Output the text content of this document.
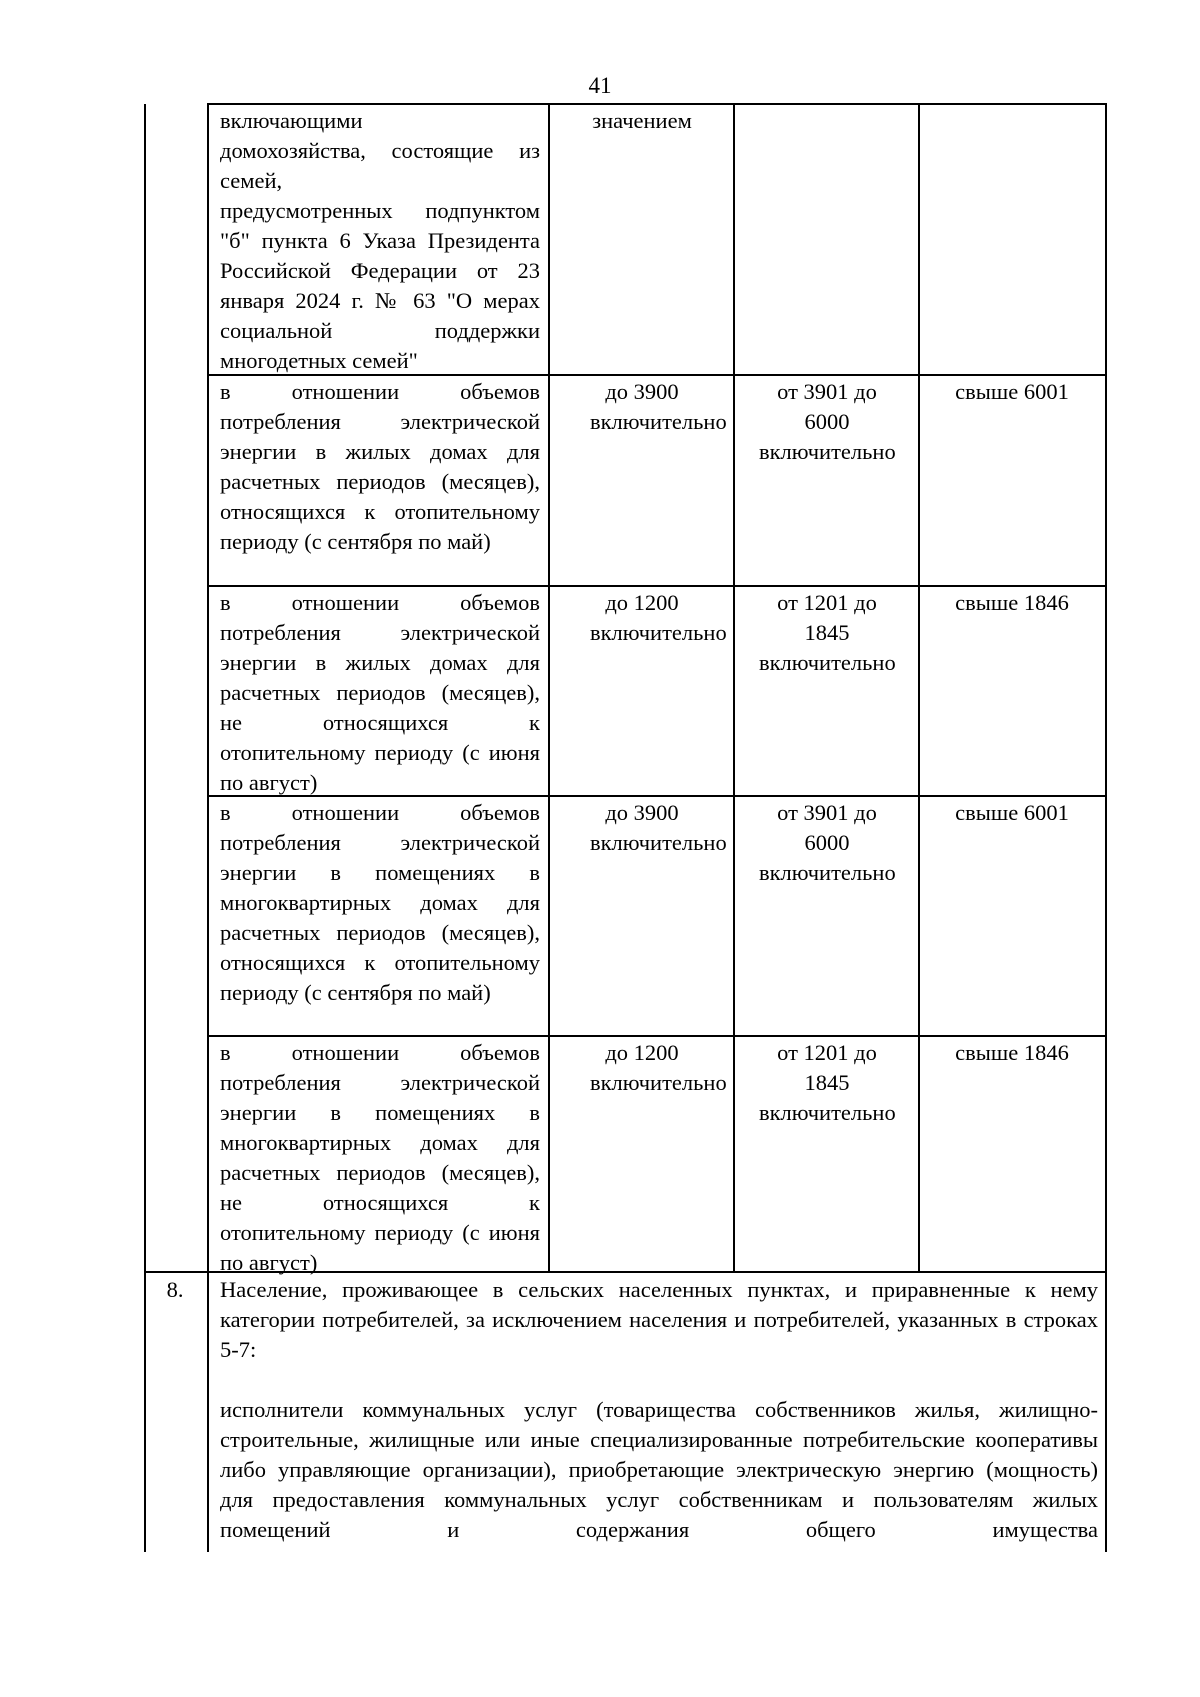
41
включающими
домохозяйства, состоящие из
семей,
предусмотренных подпунктом
"б" пункта 6 Указа Президента
Российской Федерации от 23
января 2024 г. № 63 "О мерах
социальной поддержки
многодетных семей"
значением
в отношении объемов потребления электрической энергии в жилых домах для расчетных периодов (месяцев), относящихся к отопительному периоду (с сентября по май)
до 3900 включительно
от 3901 до 6000 включительно
свыше 6001
в отношении объемов потребления электрической энергии в жилых домах для расчетных периодов (месяцев), не относящихся к отопительному периоду (с июня по август)
до 1200 включительно
от 1201 до 1845 включительно
свыше 1846
в отношении объемов потребления электрической энергии в помещениях в многоквартирных домах для расчетных периодов (месяцев), относящихся к отопительному периоду (с сентября по май)
до 3900 включительно
от 3901 до 6000 включительно
свыше 6001
в отношении объемов потребления электрической энергии в помещениях в многоквартирных домах для расчетных периодов (месяцев), не относящихся к отопительному периоду (с июня по август)
до 1200 включительно
от 1201 до 1845 включительно
свыше 1846
8.	Население, проживающее в сельских населенных пунктах, и приравненные к нему категории потребителей, за исключением населения и потребителей, указанных в строках 5-7:
исполнители коммунальных услуг (товарищества собственников жилья, жилищно-строительные, жилищные или иные специализированные потребительские кооперативы либо управляющие организации), приобретающие электрическую энергию (мощность) для предоставления коммунальных услуг собственникам и пользователям жилых помещений и содержания общего имущества
